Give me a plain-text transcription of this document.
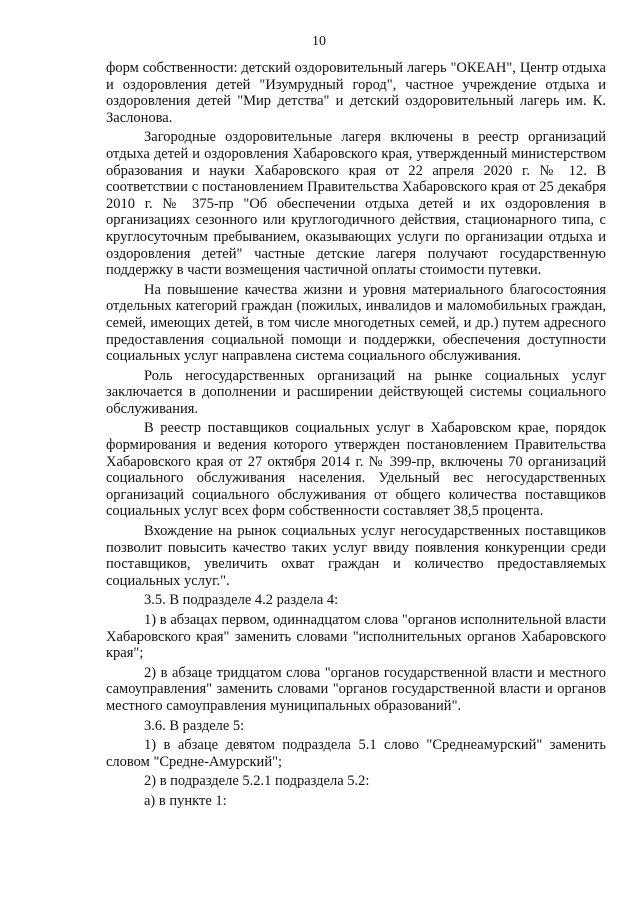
10

форм собственности: детский оздоровительный лагерь "ОКЕАН", Центр отдыха и оздоровления детей "Изумрудный город", частное учреждение отдыха и оздоровления детей "Мир детства" и детский оздоровительный лагерь им. К. Заслонова.

Загородные оздоровительные лагеря включены в реестр организаций отдыха детей и оздоровления Хабаровского края, утвержденный министерством образования и науки Хабаровского края от 22 апреля 2020 г. № 12. В соответствии с постановлением Правительства Хабаровского края от 25 декабря 2010 г. № 375-пр "Об обеспечении отдыха детей и их оздоровления в организациях сезонного или круглогодичного действия, стационарного типа, с круглосуточным пребыванием, оказывающих услуги по организации отдыха и оздоровления детей" частные детские лагеря получают государственную поддержку в части возмещения частичной оплаты стоимости путевки.

На повышение качества жизни и уровня материального благосостояния отдельных категорий граждан (пожилых, инвалидов и маломобильных граждан, семей, имеющих детей, в том числе многодетных семей, и др.) путем адресного предоставления социальной помощи и поддержки, обеспечения доступности социальных услуг направлена система социального обслуживания.

Роль негосударственных организаций на рынке социальных услуг заключается в дополнении и расширении действующей системы социального обслуживания.

В реестр поставщиков социальных услуг в Хабаровском крае, порядок формирования и ведения которого утвержден постановлением Правительства Хабаровского края от 27 октября 2014 г. № 399-пр, включены 70 организаций социального обслуживания населения. Удельный вес негосударственных организаций социального обслуживания от общего количества поставщиков социальных услуг всех форм собственности составляет 38,5 процента.

Вхождение на рынок социальных услуг негосударственных поставщиков позволит повысить качество таких услуг ввиду появления конкуренции среди поставщиков, увеличить охват граждан и количество предоставляемых социальных услуг.".

3.5. В подразделе 4.2 раздела 4:

1) в абзацах первом, одиннадцатом слова "органов исполнительной власти Хабаровского края" заменить словами "исполнительных органов Хабаровского края";

2) в абзаце тридцатом слова "органов государственной власти и местного самоуправления" заменить словами "органов государственной власти и органов местного самоуправления муниципальных образований".

3.6. В разделе 5:

1) в абзаце девятом подраздела 5.1 слово "Среднеамурский" заменить словом "Средне-Амурский";

2) в подразделе 5.2.1 подраздела 5.2:

а) в пункте 1:
